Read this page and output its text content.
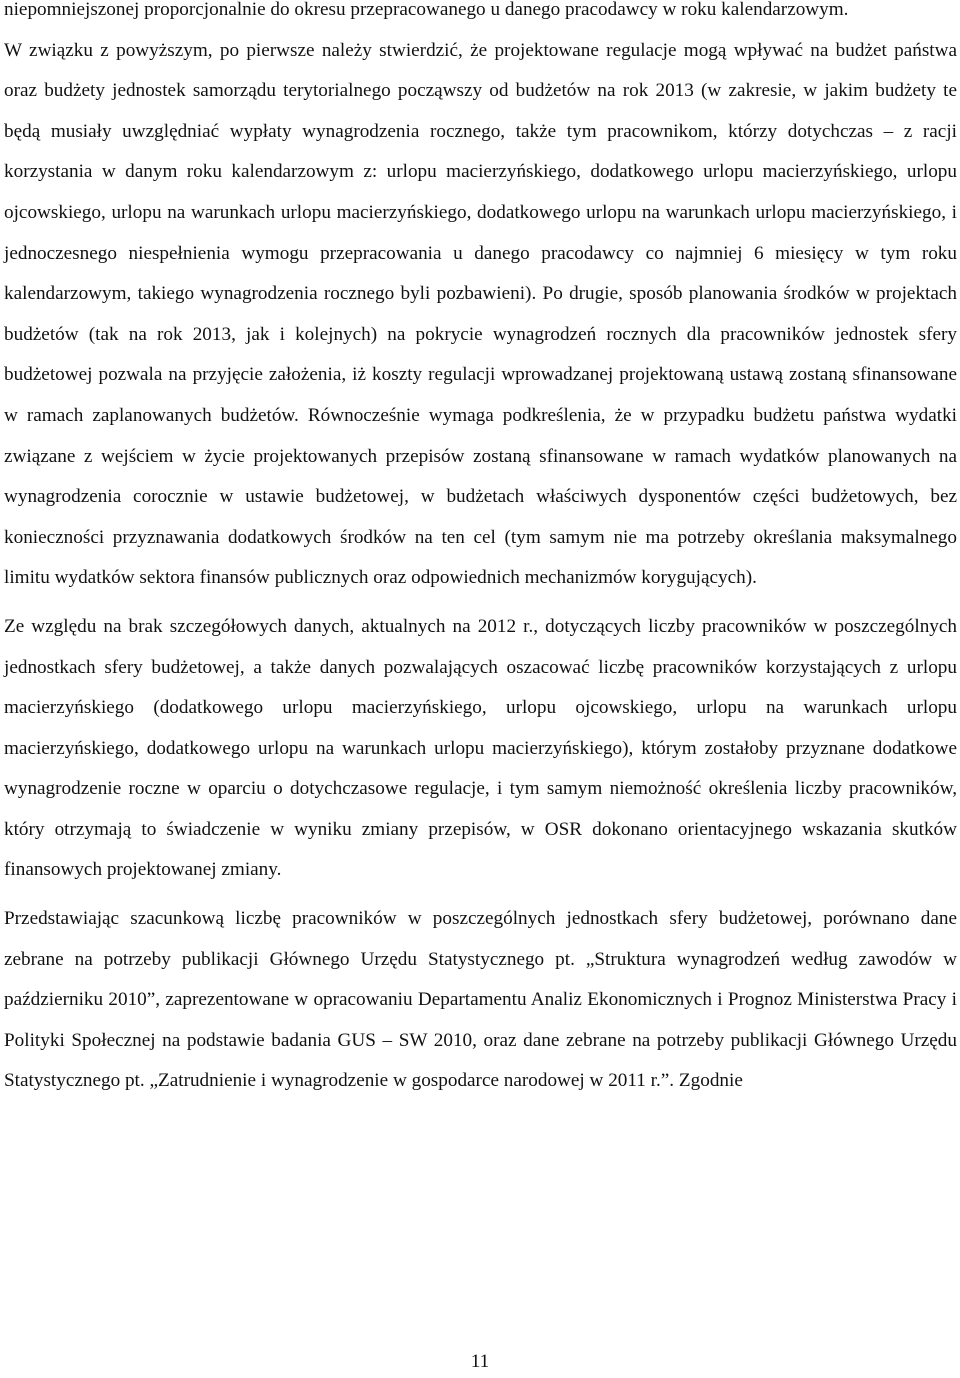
niepomniejszonej proporcjonalnie do okresu przepracowanego u danego pracodawcy w roku kalendarzowym.

W związku z powyższym, po pierwsze należy stwierdzić, że projektowane regulacje mogą wpływać na budżet państwa oraz budżety jednostek samorządu terytorialnego począwszy od budżetów na rok 2013 (w zakresie, w jakim budżety te będą musiały uwzględniać wypłaty wynagrodzenia rocznego, także tym pracownikom, którzy dotychczas – z racji korzystania w danym roku kalendarzowym z: urlopu macierzyńskiego, dodatkowego urlopu macierzyńskiego, urlopu ojcowskiego, urlopu na warunkach urlopu macierzyńskiego, dodatkowego urlopu na warunkach urlopu macierzyńskiego, i jednoczesnego niespełnienia wymogu przepracowania u danego pracodawcy co najmniej 6 miesięcy w tym roku kalendarzowym, takiego wynagrodzenia rocznego byli pozbawieni). Po drugie, sposób planowania środków w projektach budżetów (tak na rok 2013, jak i kolejnych) na pokrycie wynagrodzeń rocznych dla pracowników jednostek sfery budżetowej pozwala na przyjęcie założenia, iż koszty regulacji wprowadzanej projektowaną ustawą zostaną sfinansowane w ramach zaplanowanych budżetów. Równocześnie wymaga podkreślenia, że w przypadku budżetu państwa wydatki związane z wejściem w życie projektowanych przepisów zostaną sfinansowane w ramach wydatków planowanych na wynagrodzenia corocznie w ustawie budżetowej, w budżetach właściwych dysponentów części budżetowych, bez konieczności przyznawania dodatkowych środków na ten cel (tym samym nie ma potrzeby określania maksymalnego limitu wydatków sektora finansów publicznych oraz odpowiednich mechanizmów korygujących).

Ze względu na brak szczegółowych danych, aktualnych na 2012 r., dotyczących liczby pracowników w poszczególnych jednostkach sfery budżetowej, a także danych pozwalających oszacować liczbę pracowników korzystających z urlopu macierzyńskiego (dodatkowego urlopu macierzyńskiego, urlopu ojcowskiego, urlopu na warunkach urlopu macierzyńskiego, dodatkowego urlopu na warunkach urlopu macierzyńskiego), którym zostałoby przyznane dodatkowe wynagrodzenie roczne w oparciu o dotychczasowe regulacje, i tym samym niemożność określenia liczby pracowników, który otrzymają to świadczenie w wyniku zmiany przepisów, w OSR dokonano orientacyjnego wskazania skutków finansowych projektowanej zmiany.

Przedstawiając szacunkową liczbę pracowników w poszczególnych jednostkach sfery budżetowej, porównano dane zebrane na potrzeby publikacji Głównego Urzędu Statystycznego pt. „Struktura wynagrodzeń według zawodów w październiku 2010”, zaprezentowane w opracowaniu Departamentu Analiz Ekonomicznych i Prognoz Ministerstwa Pracy i Polityki Społecznej na podstawie badania GUS – SW 2010, oraz dane zebrane na potrzeby publikacji Głównego Urzędu Statystycznego pt. „Zatrudnienie i wynagrodzenie w gospodarce narodowej w 2011 r.”. Zgodnie

11
